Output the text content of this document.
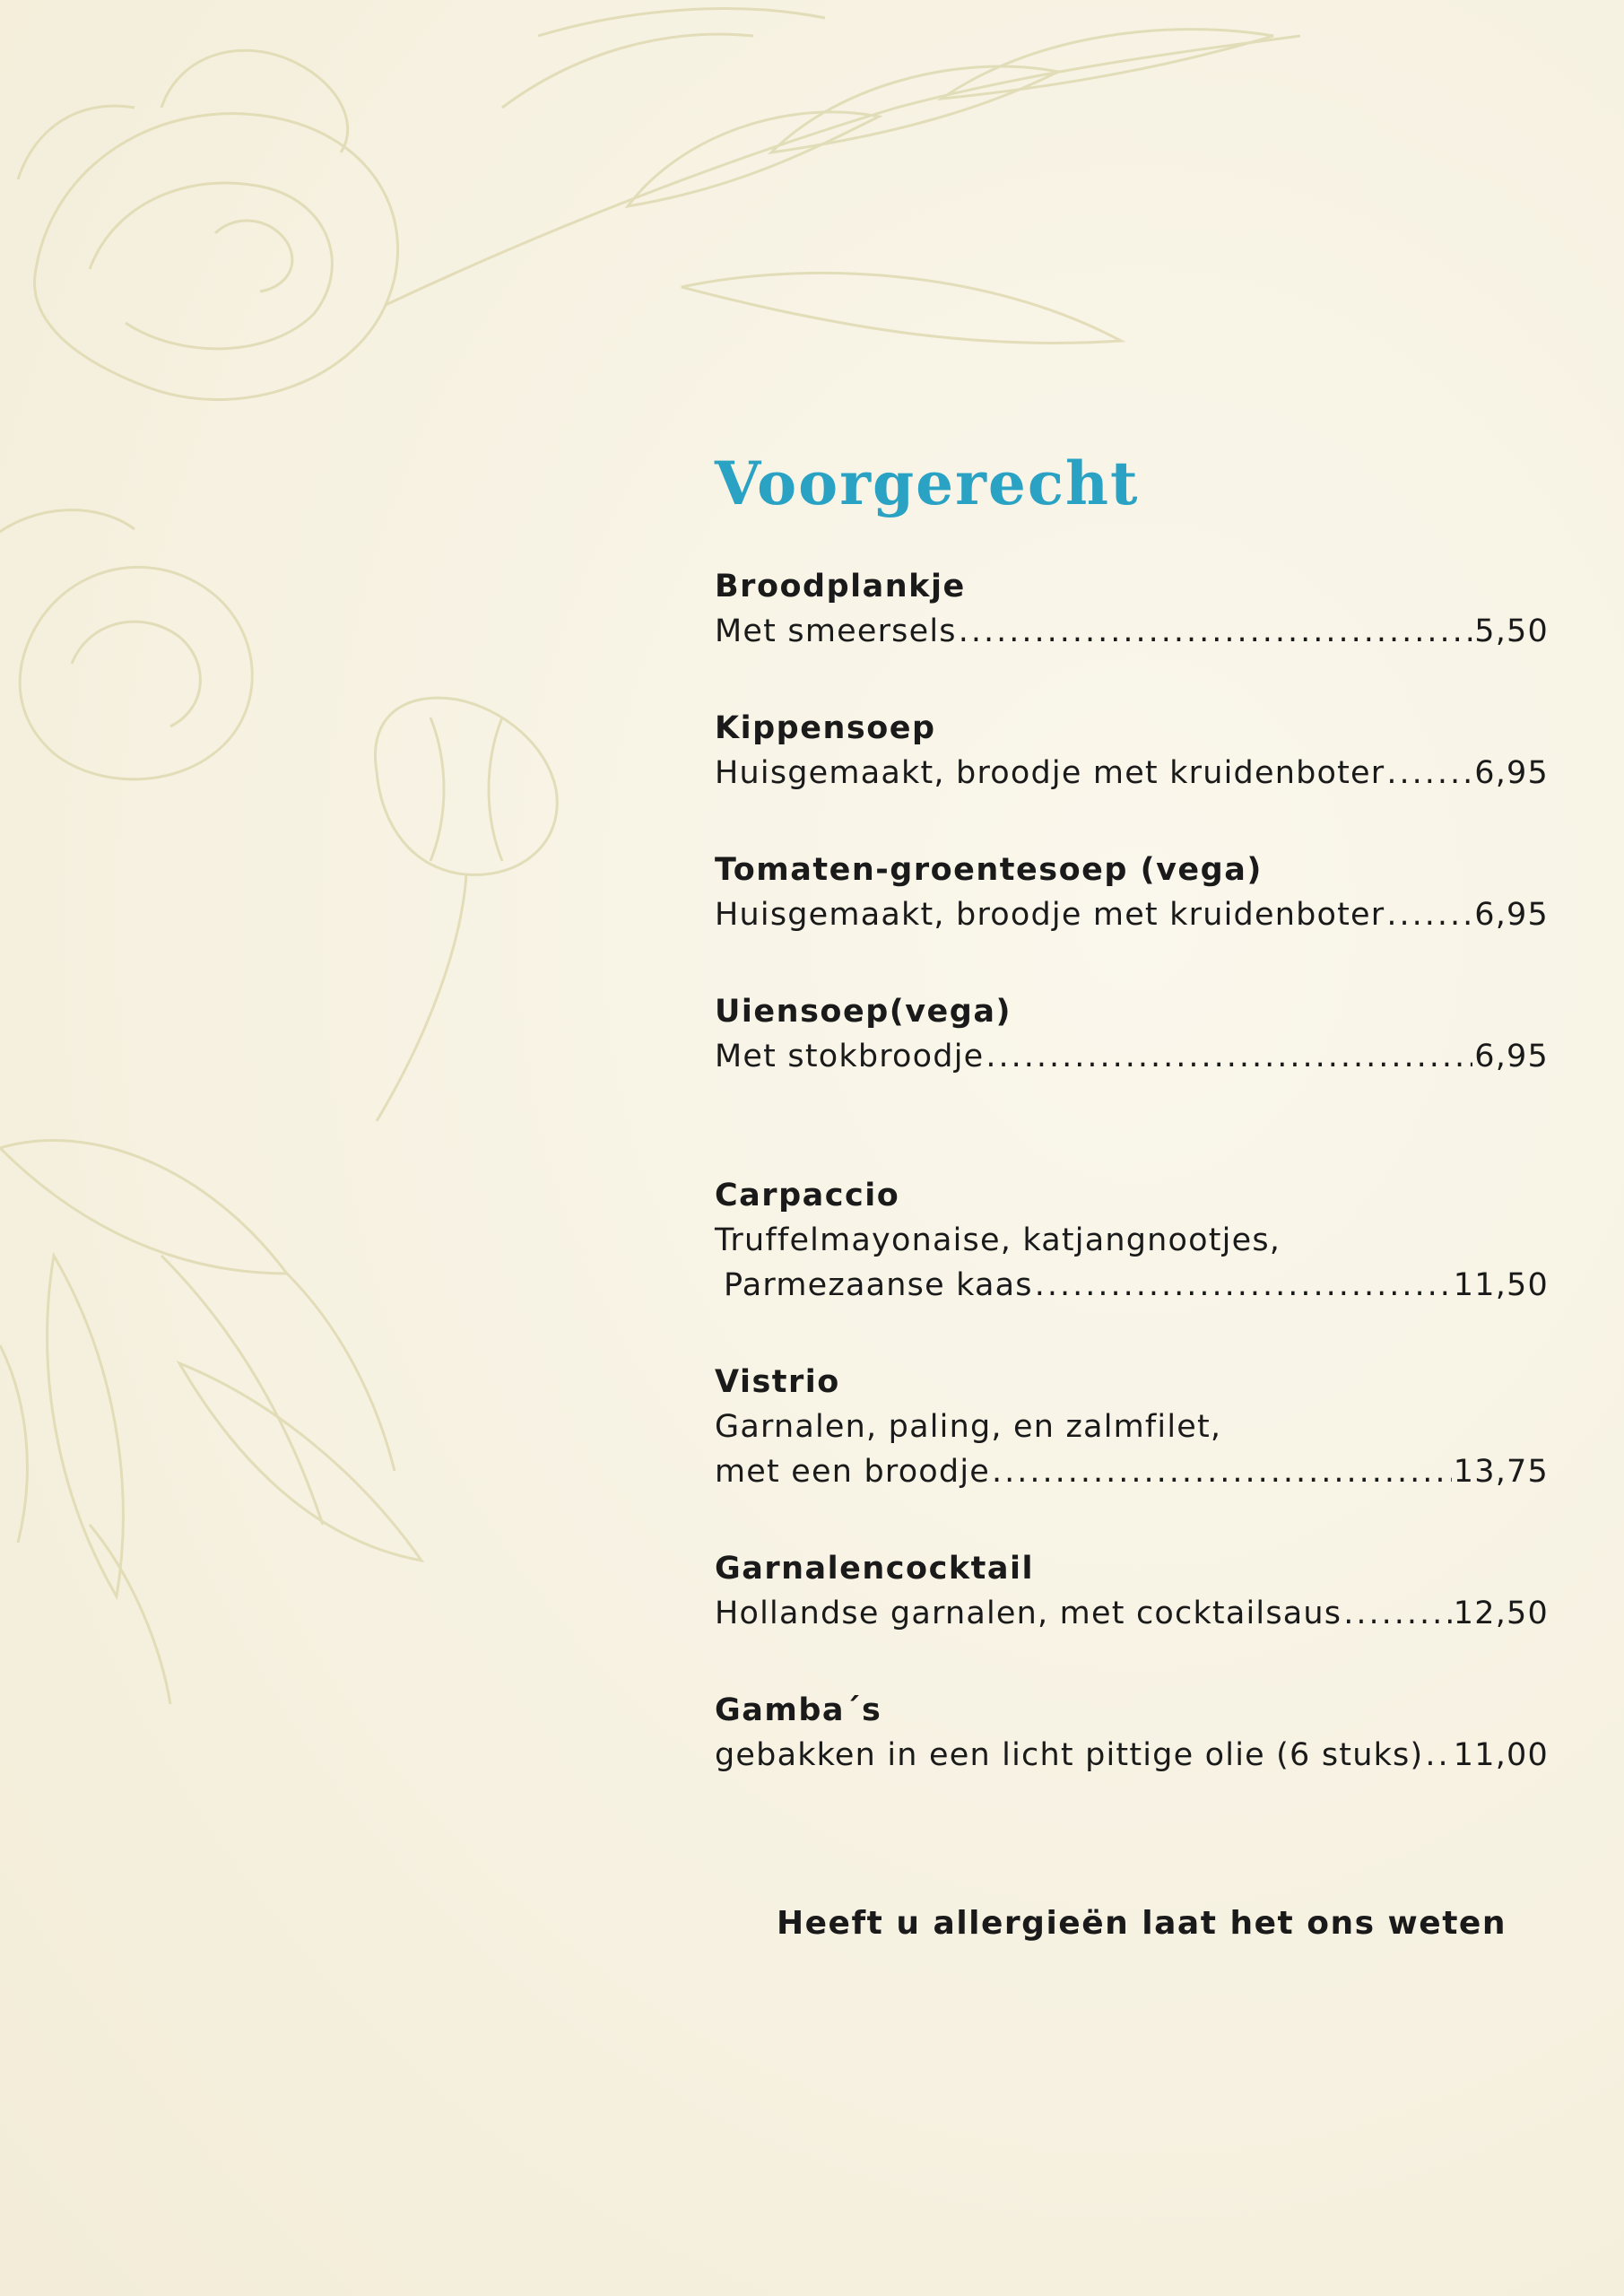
Voorgerecht
Broodplankje
Met smeersels .....	5,50
Kippensoep
Huisgemaakt, broodje met kruidenboter .....	6,95
Tomaten-groentesoep (vega)
Huisgemaakt, broodje met kruidenboter .....	6,95
Uiensoep(vega)
Met stokbroodje .....	6,95
Carpaccio
Truffelmayonaise, katjangnootjes,
Parmezaanse kaas .....	11,50
Vistrio
Garnalen, paling, en zalmfilet,
met een broodje .....	13,75
Garnalencocktail
Hollandse garnalen, met cocktailsaus .....	12,50
Gamba´s
gebakken in een licht pittige olie (6 stuks) ..... 11,00
Heeft u allergieën laat het ons weten
